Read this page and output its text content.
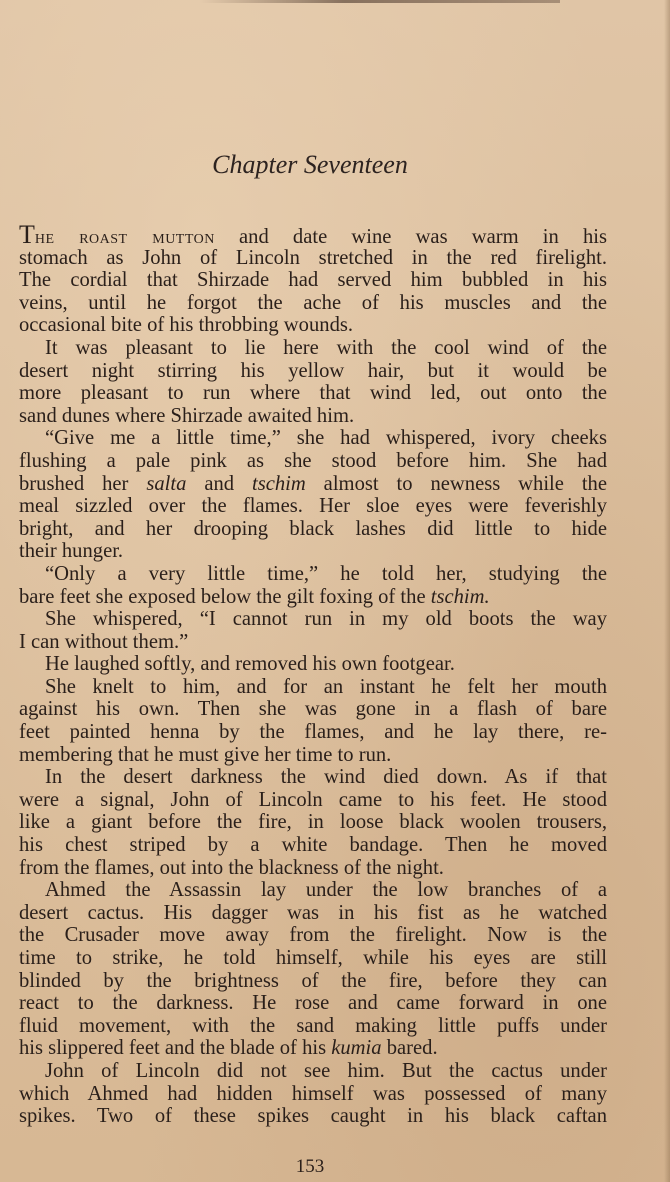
Chapter Seventeen
The roast mutton and date wine was warm in his
stomach as John of Lincoln stretched in the red firelight.
The cordial that Shirzade had served him bubbled in his
veins, until he forgot the ache of his muscles and the
occasional bite of his throbbing wounds.
It was pleasant to lie here with the cool wind of the
desert night stirring his yellow hair, but it would be
more pleasant to run where that wind led, out onto the
sand dunes where Shirzade awaited him.
“Give me a little time,” she had whispered, ivory cheeks
flushing a pale pink as she stood before him. She had
brushed her salta and tschim almost to newness while the
meal sizzled over the flames. Her sloe eyes were feverishly
bright, and her drooping black lashes did little to hide
their hunger.
“Only a very little time,” he told her, studying the
bare feet she exposed below the gilt foxing of the tschim.
She whispered, “I cannot run in my old boots the way
I can without them.”
He laughed softly, and removed his own footgear.
She knelt to him, and for an instant he felt her mouth
against his own. Then she was gone in a flash of bare
feet painted henna by the flames, and he lay there, re-
membering that he must give her time to run.
In the desert darkness the wind died down. As if that
were a signal, John of Lincoln came to his feet. He stood
like a giant before the fire, in loose black woolen trousers,
his chest striped by a white bandage. Then he moved
from the flames, out into the blackness of the night.
Ahmed the Assassin lay under the low branches of a
desert cactus. His dagger was in his fist as he watched
the Crusader move away from the firelight. Now is the
time to strike, he told himself, while his eyes are still
blinded by the brightness of the fire, before they can
react to the darkness. He rose and came forward in one
fluid movement, with the sand making little puffs under
his slippered feet and the blade of his kumia bared.
John of Lincoln did not see him. But the cactus under
which Ahmed had hidden himself was possessed of many
spikes. Two of these spikes caught in his black caftan
153
